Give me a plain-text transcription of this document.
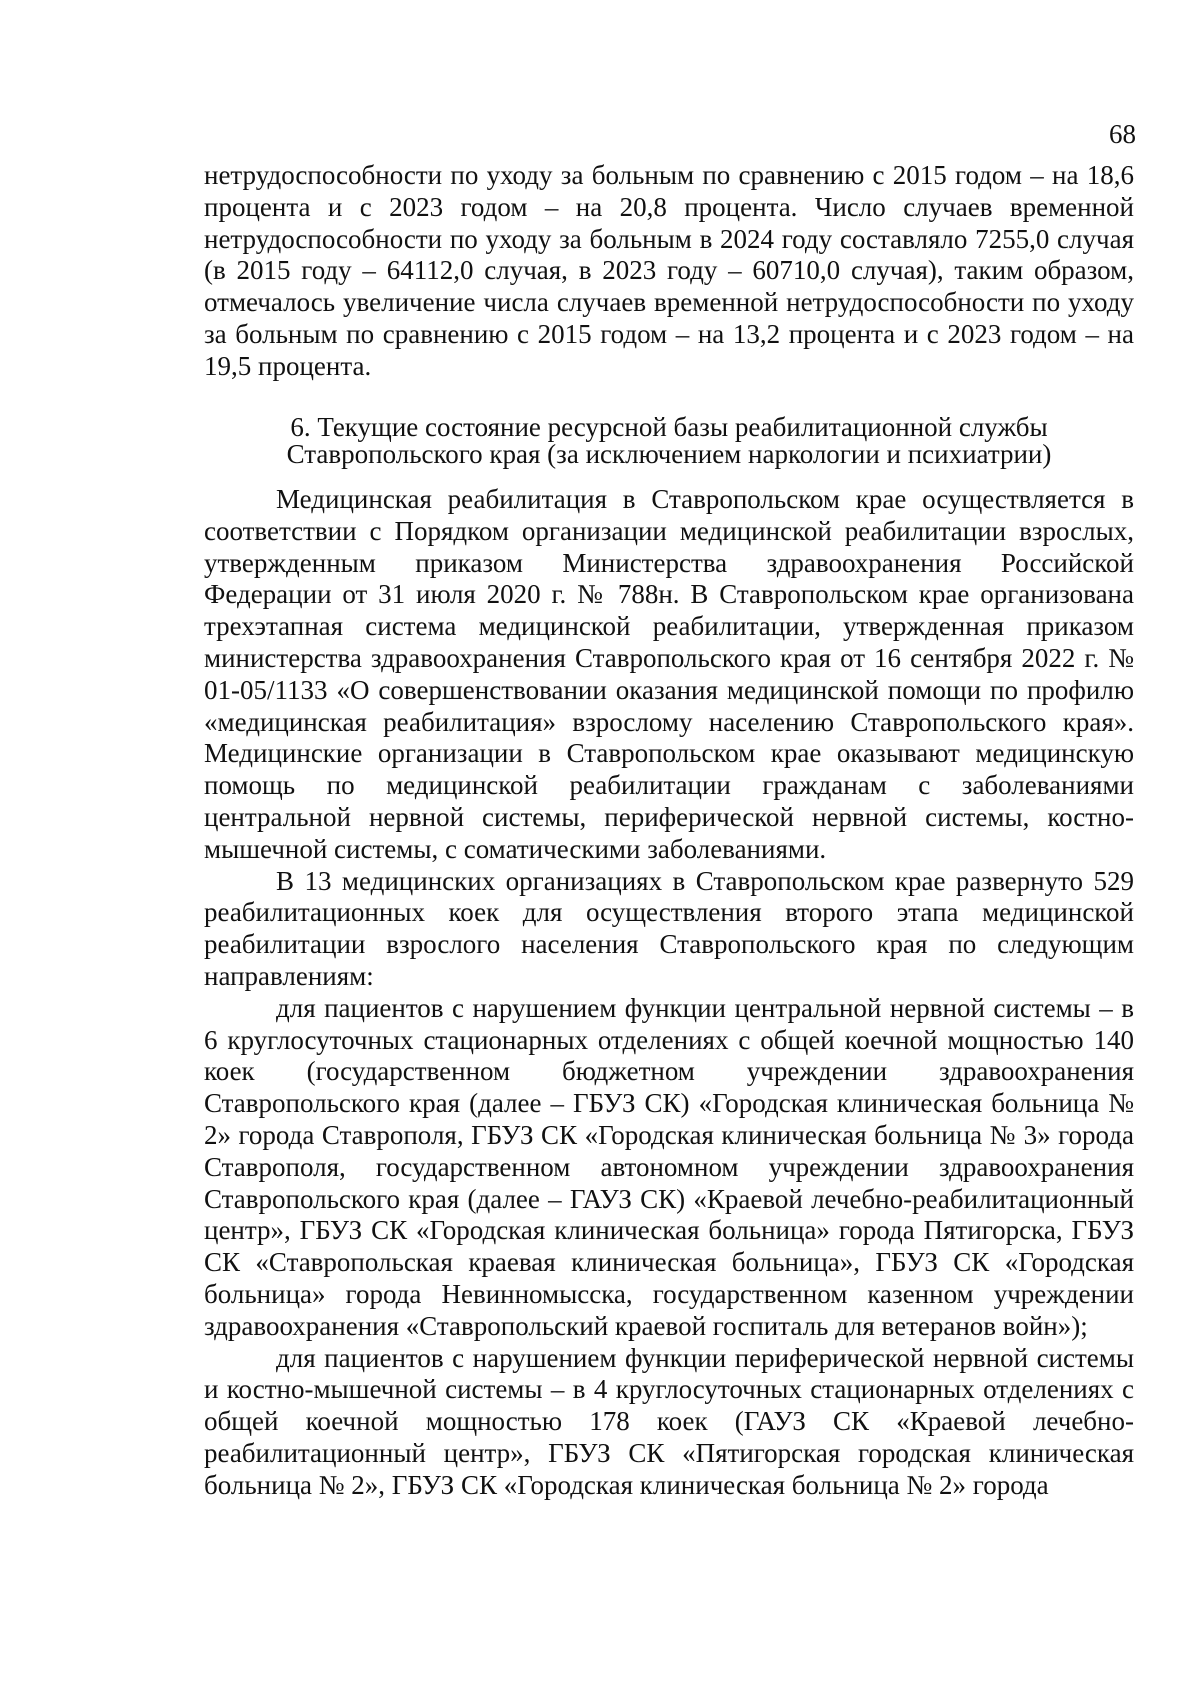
68

нетрудоспособности по уходу за больным по сравнению с 2015 годом – на 18,6 процента и с 2023 годом – на 20,8 процента. Число случаев временной нетрудоспособности по уходу за больным в 2024 году составляло 7255,0 случая (в 2015 году – 64112,0 случая, в 2023 году – 60710,0 случая), таким образом, отмечалось увеличение числа случаев временной нетрудоспособности по уходу за больным по сравнению с 2015 годом – на 13,2 процента и с 2023 годом – на 19,5 процента.

6. Текущие состояние ресурсной базы реабилитационной службы
Ставропольского края (за исключением наркологии и психиатрии)

Медицинская реабилитация в Ставропольском крае осуществляется в соответствии с Порядком организации медицинской реабилитации взрослых, утвержденным приказом Министерства здравоохранения Российской Федерации от 31 июля 2020 г. № 788н. В Ставропольском крае организована трехэтапная система медицинской реабилитации, утвержденная приказом министерства здравоохранения Ставропольского края от 16 сентября 2022 г. № 01-05/1133 «О совершенствовании оказания медицинской помощи по профилю «медицинская реабилитация» взрослому населению Ставропольского края». Медицинские организации в Ставропольском крае оказывают медицинскую помощь по медицинской реабилитации гражданам с заболеваниями центральной нервной системы, периферической нервной системы, костно-мышечной системы, с соматическими заболеваниями.

В 13 медицинских организациях в Ставропольском крае развернуто 529 реабилитационных коек для осуществления второго этапа медицинской реабилитации взрослого населения Ставропольского края по следующим направлениям:

для пациентов с нарушением функции центральной нервной системы – в 6 круглосуточных стационарных отделениях с общей коечной мощностью 140 коек (государственном бюджетном учреждении здравоохранения Ставропольского края (далее – ГБУЗ СК) «Городская клиническая больница № 2» города Ставрополя, ГБУЗ СК «Городская клиническая больница № 3» города Ставрополя, государственном автономном учреждении здравоохранения Ставропольского края (далее – ГАУЗ СК) «Краевой лечебно-реабилитационный центр», ГБУЗ СК «Городская клиническая больница» города Пятигорска, ГБУЗ СК «Ставропольская краевая клиническая больница», ГБУЗ СК «Городская больница» города Невинномысска, государственном казенном учреждении здравоохранения «Ставропольский краевой госпиталь для ветеранов войн»);

для пациентов с нарушением функции периферической нервной системы и костно-мышечной системы – в 4 круглосуточных стационарных отделениях с общей коечной мощностью 178 коек (ГАУЗ СК «Краевой лечебно-реабилитационный центр», ГБУЗ СК «Пятигорская городская клиническая больница № 2», ГБУЗ СК «Городская клиническая больница № 2» города
